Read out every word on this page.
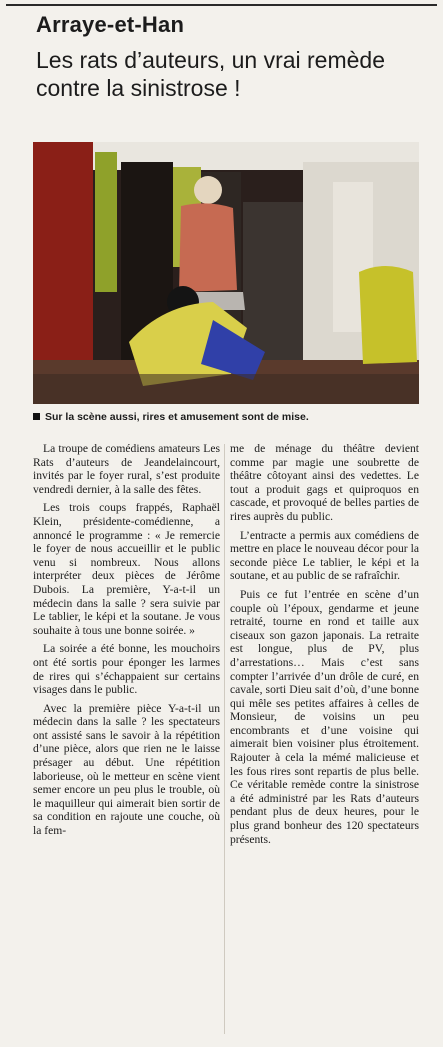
Arraye-et-Han
Les rats d’auteurs, un vrai remède contre la sinistrose !
Sur la scène aussi, rires et amusement sont de mise.

La troupe de comédiens amateurs Les Rats d’auteurs de Jeandelaincourt, invités par le foyer rural, s’est produite vendredi dernier, à la salle des fêtes.

Les trois coups frappés, Raphaël Klein, présidente-comédienne, a annoncé le programme : « Je remercie le foyer de nous accueillir et le public venu si nombreux. Nous allons interpréter deux pièces de Jérôme Dubois. La première, Y-a-t-il un médecin dans la salle ? sera suivie par Le tablier, le képi et la soutane. Je vous souhaite à tous une bonne soirée. »

La soirée a été bonne, les mouchoirs ont été sortis pour éponger les larmes de rires qui s’échappaient sur certains visages dans le public.

Avec la première pièce Y-a-t-il un médecin dans la salle ? les spectateurs ont assisté sans le savoir à la répétition d’une pièce, alors que rien ne le laisse présager au début. Une répétition laborieuse, où le metteur en scène vient semer encore un peu plus le trouble, où le maquilleur qui aimerait bien sortir de sa condition en rajoute une couche, où la fem-

me de ménage du théâtre devient comme par magie une soubrette de théâtre côtoyant ainsi des vedettes. Le tout a produit gags et quiproquos en cascade, et provoqué de belles parties de rires auprès du public.

L’entracte a permis aux comédiens de mettre en place le nouveau décor pour la seconde pièce Le tablier, le képi et la soutane, et au public de se rafraîchir.

Puis ce fut l’entrée en scène d’un couple où l’époux, gendarme et jeune retraité, tourne en rond et taille aux ciseaux son gazon japonais. La retraite est longue, plus de PV, plus d’arrestations… Mais c’est sans compter l’arrivée d’un drôle de curé, en cavale, sorti Dieu sait d’où, d’une bonne qui mêle ses petites affaires à celles de Monsieur, de voisins un peu encombrants et d’une voisine qui aimerait bien voisiner plus étroitement. Rajouter à cela la mémé malicieuse et les fous rires sont repartis de plus belle. Ce véritable remède contre la sinistrose a été administré par les Rats d’auteurs pendant plus de deux heures, pour le plus grand bonheur des 120 spectateurs présents.
